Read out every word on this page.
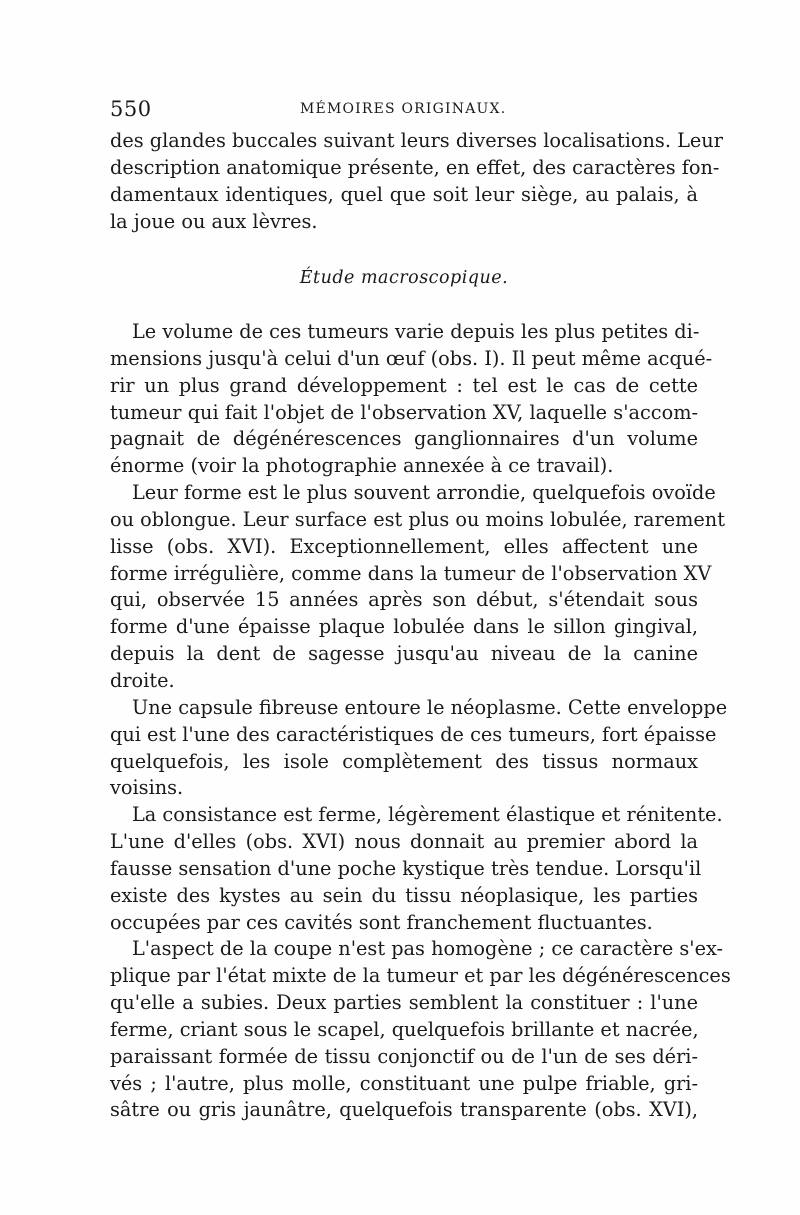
550	MÉMOIRES ORIGINAUX.
des glandes buccales suivant leurs diverses localisations. Leur
description anatomique présente, en effet, des caractères fon-
damentaux identiques, quel que soit leur siège, au palais, à
la joue ou aux lèvres.
Étude macroscopique.
Le volume de ces tumeurs varie depuis les plus petites di-
mensions jusqu'à celui d'un œuf (obs. I). Il peut même acqué-
rir un plus grand développement : tel est le cas de cette
tumeur qui fait l'objet de l'observation XV, laquelle s'accom-
pagnait de dégénérescences ganglionnaires d'un volume
énorme (voir la photographie annexée à ce travail).
Leur forme est le plus souvent arrondie, quelquefois ovoïde
ou oblongue. Leur surface est plus ou moins lobulée, rarement
lisse (obs. XVI). Exceptionnellement, elles affectent une
forme irrégulière, comme dans la tumeur de l'observation XV
qui, observée 15 années après son début, s'étendait sous
forme d'une épaisse plaque lobulée dans le sillon gingival,
depuis la dent de sagesse jusqu'au niveau de la canine
droite.
Une capsule fibreuse entoure le néoplasme. Cette enveloppe
qui est l'une des caractéristiques de ces tumeurs, fort épaisse
quelquefois, les isole complètement des tissus normaux
voisins.
La consistance est ferme, légèrement élastique et rénitente.
L'une d'elles (obs. XVI) nous donnait au premier abord la
fausse sensation d'une poche kystique très tendue. Lorsqu'il
existe des kystes au sein du tissu néoplasique, les parties
occupées par ces cavités sont franchement fluctuantes.
L'aspect de la coupe n'est pas homogène ; ce caractère s'ex-
plique par l'état mixte de la tumeur et par les dégénérescences
qu'elle a subies. Deux parties semblent la constituer : l'une
ferme, criant sous le scapel, quelquefois brillante et nacrée,
paraissant formée de tissu conjonctif ou de l'un de ses déri-
vés ; l'autre, plus molle, constituant une pulpe friable, gri-
sâtre ou gris jaunâtre, quelquefois transparente (obs. XVI),
